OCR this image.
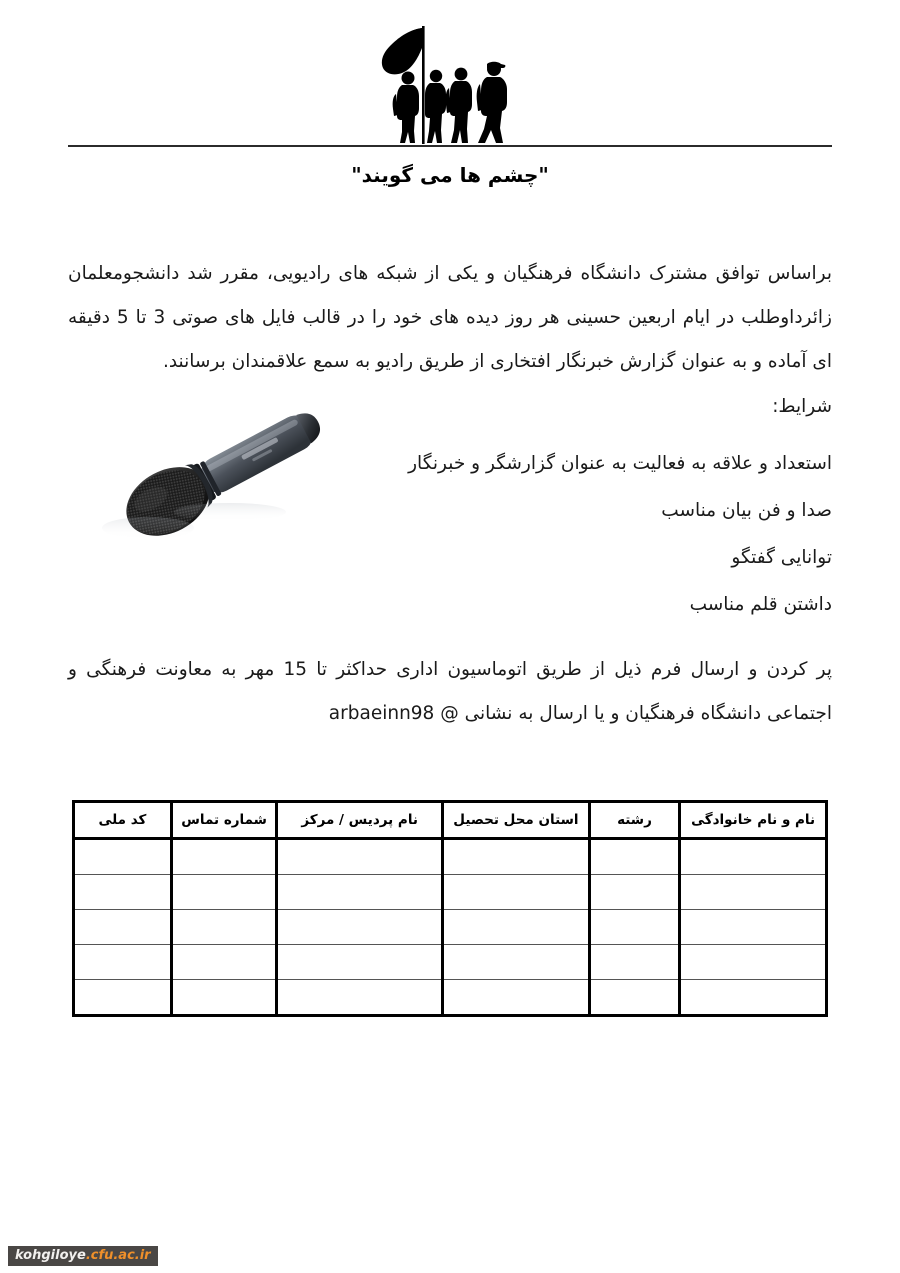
"چشم ها می گویند"

براساس توافق مشترک دانشگاه فرهنگیان و یکی از شبکه های رادیویی، مقرر شد دانشجومعلمان زائرداوطلب در ایام اربعین حسینی هر روز دیده های خود را در قالب فایل های صوتی 3 تا 5 دقیقه ای آماده و به عنوان گزارش خبرنگار افتخاری از طریق رادیو به سمع علاقمندان برسانند.

شرایط:
استعداد و علاقه به فعالیت به عنوان گزارشگر و خبرنگار
صدا و فن بیان مناسب
توانایی گفتگو
داشتن قلم مناسب

پر کردن و ارسال فرم ذیل از طریق اتوماسیون اداری حداکثر تا 15 مهر به معاونت فرهنگی و اجتماعی دانشگاه فرهنگیان و یا ارسال به نشانی arbaeinn98 @

نام و نام خانوادگی	رشته	استان محل تحصیل	نام پردیس / مرکز	شماره تماس	کد ملی

kohgiloye.cfu.ac.ir
